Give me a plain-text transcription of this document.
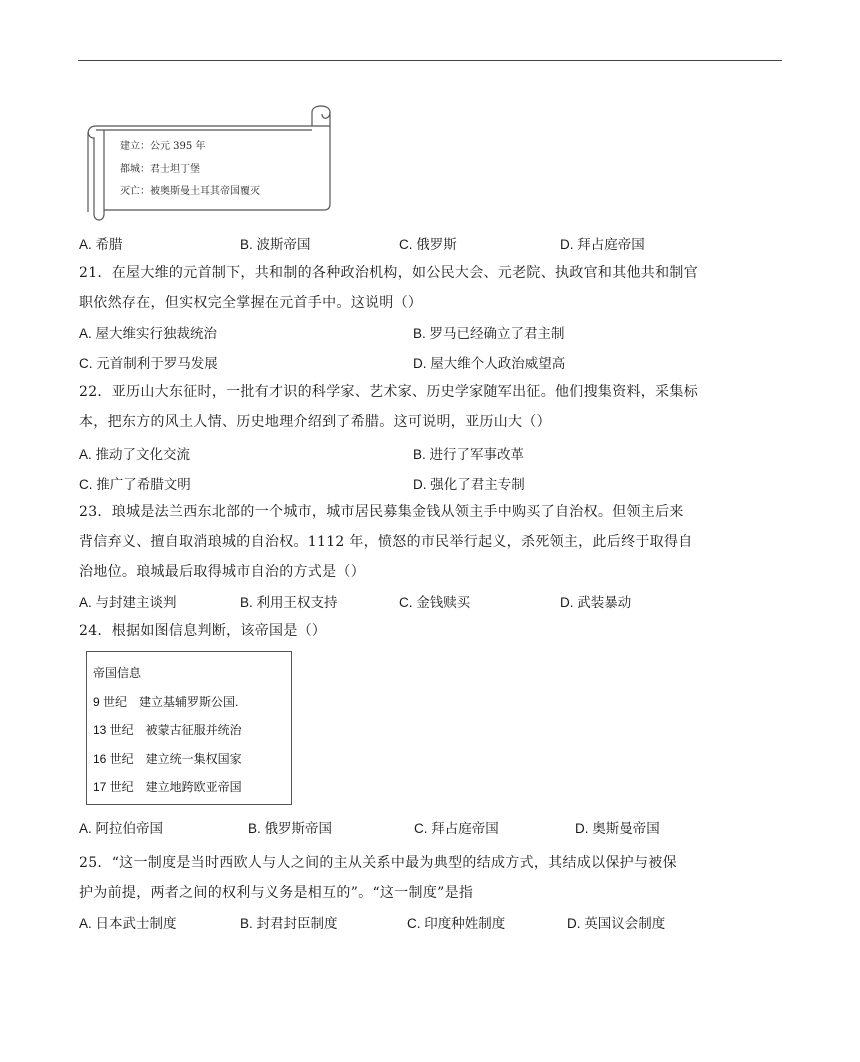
建立：公元 395 年
都城：君士坦丁堡
灭亡：被奥斯曼土耳其帝国覆灭
A. 希腊	B. 波斯帝国	C. 俄罗斯	D. 拜占庭帝国
21．在屋大维的元首制下，共和制的各种政治机构，如公民大会、元老院、执政官和其他共和制官
职依然存在，但实权完全掌握在元首手中。这说明（）
A. 屋大维实行独裁统治	B. 罗马已经确立了君主制
C. 元首制利于罗马发展	D. 屋大维个人政治威望高
22．亚历山大东征时，一批有才识的科学家、艺术家、历史学家随军出征。他们搜集资料，采集标
本，把东方的风土人情、历史地理介绍到了希腊。这可说明，亚历山大（）
A. 推动了文化交流	B. 进行了军事改革
C. 推广了希腊文明	D. 强化了君主专制
23．琅城是法兰西东北部的一个城市，城市居民募集金钱从领主手中购买了自治权。但领主后来
背信弃义、擅自取消琅城的自治权。1112 年，愤怒的市民举行起义，杀死领主，此后终于取得自
治地位。琅城最后取得城市自治的方式是（）
A. 与封建主谈判	B. 利用王权支持	C. 金钱赎买	D. 武装暴动
24．根据如图信息判断，该帝国是（）
帝国信息
9 世纪　建立基辅罗斯公国.
13 世纪　被蒙古征服并统治
16 世纪　建立统一集权国家
17 世纪　建立地跨欧亚帝国
A. 阿拉伯帝国	B. 俄罗斯帝国	C. 拜占庭帝国	D. 奥斯曼帝国
25．“这一制度是当时西欧人与人之间的主从关系中最为典型的结成方式，其结成以保护与被保
护为前提，两者之间的权利与义务是相互的”。“这一制度”是指
A. 日本武士制度	B. 封君封臣制度	C. 印度种姓制度	D. 英国议会制度
